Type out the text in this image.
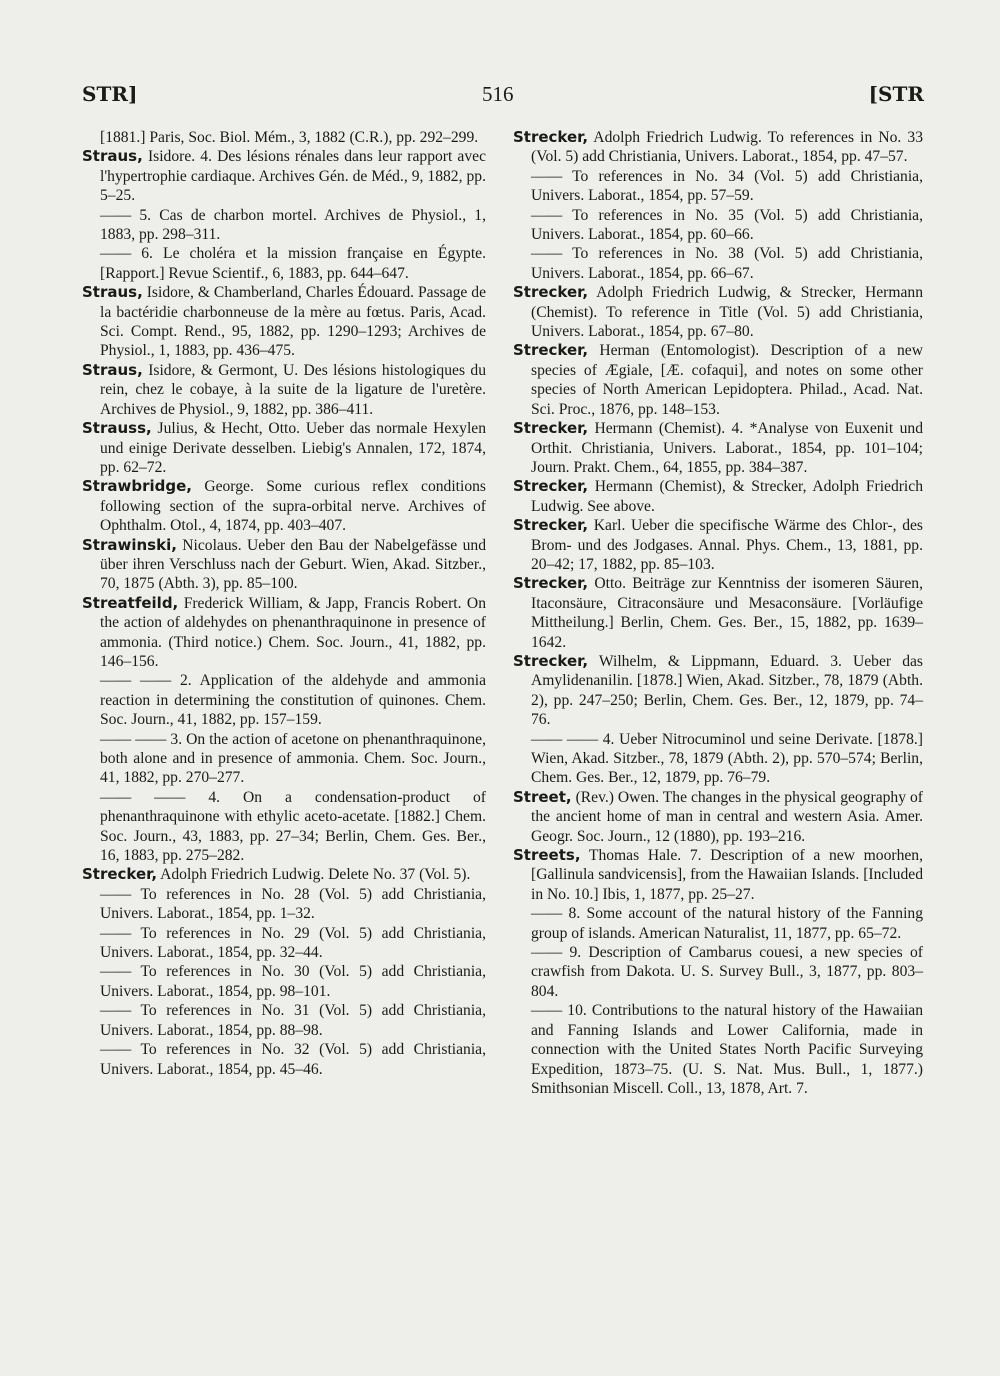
STR]	516	[STR

[1881.] Paris, Soc. Biol. Mém., 3, 1882 (C.R.), pp. 292–299.

Straus, Isidore. 4. Des lésions rénales dans leur rapport avec l'hypertrophie cardiaque. Archives Gén. de Méd., 9, 1882, pp. 5–25.

—— 5. Cas de charbon mortel. Archives de Physiol., 1, 1883, pp. 298–311.

—— 6. Le choléra et la mission française en Égypte. [Rapport.] Revue Scientif., 6, 1883, pp. 644–647.

Straus, Isidore, & Chamberland, Charles Édouard. Passage de la bactéridie charbonneuse de la mère au fœtus. Paris, Acad. Sci. Compt. Rend., 95, 1882, pp. 1290–1293; Archives de Physiol., 1, 1883, pp. 436–475.

Straus, Isidore, & Germont, U. Des lésions histologiques du rein, chez le cobaye, à la suite de la ligature de l'uretère. Archives de Physiol., 9, 1882, pp. 386–411.

Strauss, Julius, & Hecht, Otto. Ueber das normale Hexylen und einige Derivate desselben. Liebig's Annalen, 172, 1874, pp. 62–72.

Strawbridge, George. Some curious reflex conditions following section of the supra-orbital nerve. Archives of Ophthalm. Otol., 4, 1874, pp. 403–407.

Strawinski, Nicolaus. Ueber den Bau der Nabelgefässe und über ihren Verschluss nach der Geburt. Wien, Akad. Sitzber., 70, 1875 (Abth. 3), pp. 85–100.

Streatfeild, Frederick William, & Japp, Francis Robert. On the action of aldehydes on phenanthraquinone in presence of ammonia. (Third notice.) Chem. Soc. Journ., 41, 1882, pp. 146–156.

—— —— 2. Application of the aldehyde and ammonia reaction in determining the constitution of quinones. Chem. Soc. Journ., 41, 1882, pp. 157–159.

—— —— 3. On the action of acetone on phenanthraquinone, both alone and in presence of ammonia. Chem. Soc. Journ., 41, 1882, pp. 270–277.

—— —— 4. On a condensation-product of phenanthraquinone with ethylic aceto-acetate. [1882.] Chem. Soc. Journ., 43, 1883, pp. 27–34; Berlin, Chem. Ges. Ber., 16, 1883, pp. 275–282.

Strecker, Adolph Friedrich Ludwig. Delete No. 37 (Vol. 5).

—— To references in No. 28 (Vol. 5) add Christiania, Univers. Laborat., 1854, pp. 1–32.

—— To references in No. 29 (Vol. 5) add Christiania, Univers. Laborat., 1854, pp. 32–44.

—— To references in No. 30 (Vol. 5) add Christiania, Univers. Laborat., 1854, pp. 98–101.

—— To references in No. 31 (Vol. 5) add Christiania, Univers. Laborat., 1854, pp. 88–98.

—— To references in No. 32 (Vol. 5) add Christiania, Univers. Laborat., 1854, pp. 45–46.

Strecker, Adolph Friedrich Ludwig. To references in No. 33 (Vol. 5) add Christiania, Univers. Laborat., 1854, pp. 47–57.

—— To references in No. 34 (Vol. 5) add Christiania, Univers. Laborat., 1854, pp. 57–59.

—— To references in No. 35 (Vol. 5) add Christiania, Univers. Laborat., 1854, pp. 60–66.

—— To references in No. 38 (Vol. 5) add Christiania, Univers. Laborat., 1854, pp. 66–67.

Strecker, Adolph Friedrich Ludwig, & Strecker, Hermann (Chemist). To reference in Title (Vol. 5) add Christiania, Univers. Laborat., 1854, pp. 67–80.

Strecker, Herman (Entomologist). Description of a new species of Ægiale, [Æ. cofaqui], and notes on some other species of North American Lepidoptera. Philad., Acad. Nat. Sci. Proc., 1876, pp. 148–153.

Strecker, Hermann (Chemist). 4. *Analyse von Euxenit und Orthit. Christiania, Univers. Laborat., 1854, pp. 101–104; Journ. Prakt. Chem., 64, 1855, pp. 384–387.

Strecker, Hermann (Chemist), & Strecker, Adolph Friedrich Ludwig. See above.

Strecker, Karl. Ueber die specifische Wärme des Chlor-, des Brom- und des Jodgases. Annal. Phys. Chem., 13, 1881, pp. 20–42; 17, 1882, pp. 85–103.

Strecker, Otto. Beiträge zur Kenntniss der isomeren Säuren, Itaconsäure, Citraconsäure und Mesaconsäure. [Vorläufige Mittheilung.] Berlin, Chem. Ges. Ber., 15, 1882, pp. 1639–1642.

Strecker, Wilhelm, & Lippmann, Eduard. 3. Ueber das Amylidenanilin. [1878.] Wien, Akad. Sitzber., 78, 1879 (Abth. 2), pp. 247–250; Berlin, Chem. Ges. Ber., 12, 1879, pp. 74–76.

—— —— 4. Ueber Nitrocuminol und seine Derivate. [1878.] Wien, Akad. Sitzber., 78, 1879 (Abth. 2), pp. 570–574; Berlin, Chem. Ges. Ber., 12, 1879, pp. 76–79.

Street, (Rev.) Owen. The changes in the physical geography of the ancient home of man in central and western Asia. Amer. Geogr. Soc. Journ., 12 (1880), pp. 193–216.

Streets, Thomas Hale. 7. Description of a new moorhen, [Gallinula sandvicensis], from the Hawaiian Islands. [Included in No. 10.] Ibis, 1, 1877, pp. 25–27.

—— 8. Some account of the natural history of the Fanning group of islands. American Naturalist, 11, 1877, pp. 65–72.

—— 9. Description of Cambarus couesi, a new species of crawfish from Dakota. U. S. Survey Bull., 3, 1877, pp. 803–804.

—— 10. Contributions to the natural history of the Hawaiian and Fanning Islands and Lower California, made in connection with the United States North Pacific Surveying Expedition, 1873–75. (U. S. Nat. Mus. Bull., 1, 1877.) Smithsonian Miscell. Coll., 13, 1878, Art. 7.
